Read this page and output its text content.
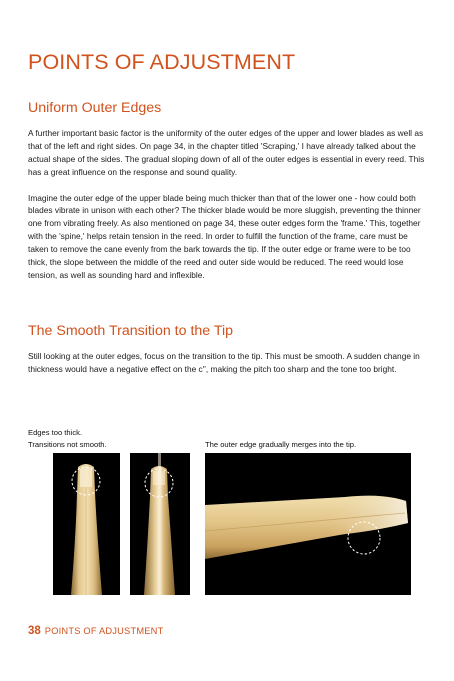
POINTS OF ADJUSTMENT
Uniform Outer Edges

A further important basic factor is the uniformity of the outer edges of the upper and lower blades as well as that of the left and right sides. On page 34, in the chapter titled 'Scraping,' I have already talked about the actual shape of the sides. The gradual sloping down of all of the outer edges is essential in every reed. This has a great influence on the response and sound quality.

Imagine the outer edge of the upper blade being much thicker than that of the lower one - how could both blades vibrate in unison with each other? The thicker blade would be more sluggish, preventing the thinner one from vibrating freely. As also mentioned on page 34, these outer edges form the 'frame.' This, together with the 'spine,' helps retain tension in the reed. In order to fulfill the function of the frame, care must be taken to remove the cane evenly from the bark towards the tip. If the outer edge or frame were to be too thick, the slope between the middle of the reed and outer side would be reduced. The reed would lose tension, as well as sounding hard and inflexible.

The Smooth Transition to the Tip

Still looking at the outer edges, focus on the transition to the tip. This must be smooth. A sudden change in thickness would have a negative effect on the c'', making the pitch too sharp and the tone too bright.

Edges too thick.

Transitions not smooth.	The outer edge gradually merges into the tip.

38 POINTS OF ADJUSTMENT
